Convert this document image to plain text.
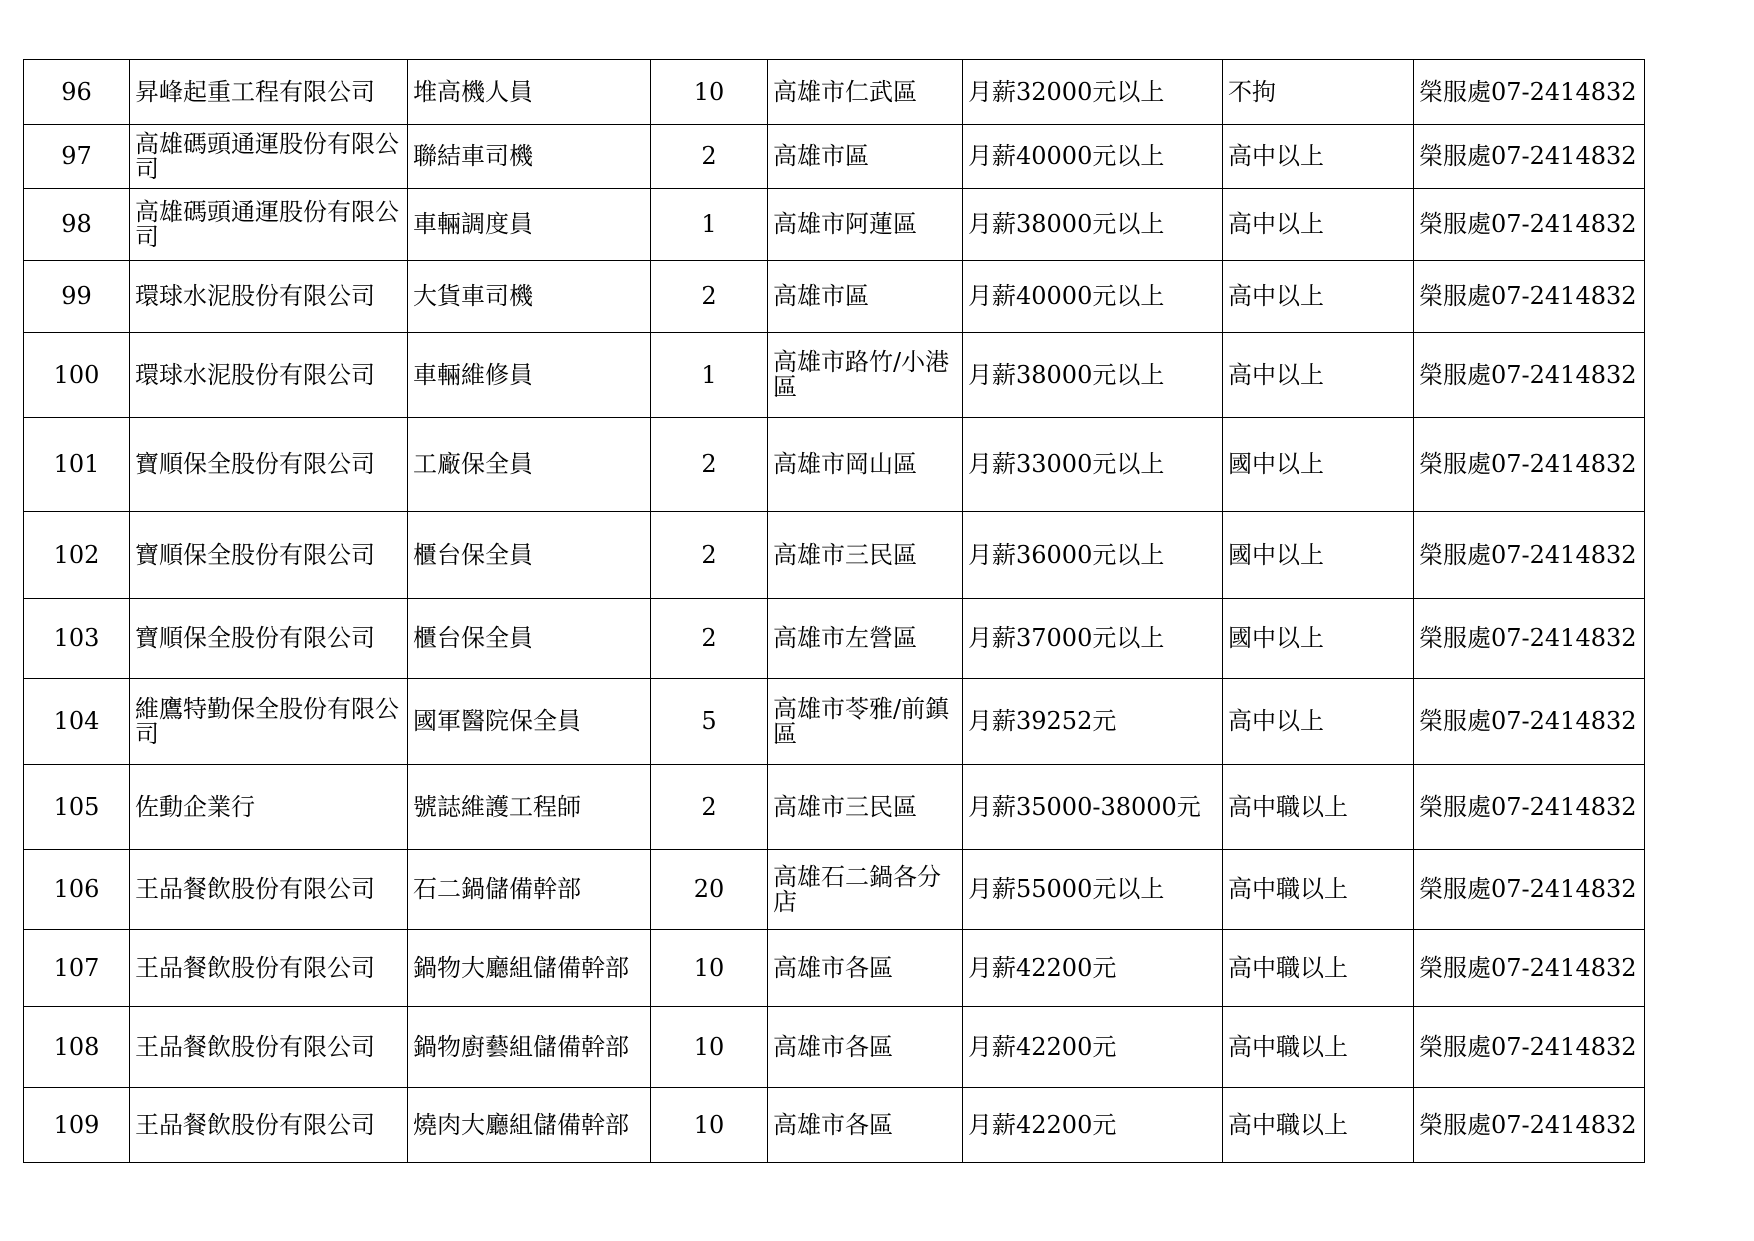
96	昇峰起重工程有限公司	堆高機人員	10	高雄市仁武區	月薪32000元以上	不拘	榮服處07-2414832
97	高雄碼頭通運股份有限公司	聯結車司機	2	高雄市區	月薪40000元以上	高中以上	榮服處07-2414832
98	高雄碼頭通運股份有限公司	車輛調度員	1	高雄市阿蓮區	月薪38000元以上	高中以上	榮服處07-2414832
99	環球水泥股份有限公司	大貨車司機	2	高雄市區	月薪40000元以上	高中以上	榮服處07-2414832
100	環球水泥股份有限公司	車輛維修員	1	高雄市路竹/小港區	月薪38000元以上	高中以上	榮服處07-2414832
101	寶順保全股份有限公司	工廠保全員	2	高雄市岡山區	月薪33000元以上	國中以上	榮服處07-2414832
102	寶順保全股份有限公司	櫃台保全員	2	高雄市三民區	月薪36000元以上	國中以上	榮服處07-2414832
103	寶順保全股份有限公司	櫃台保全員	2	高雄市左營區	月薪37000元以上	國中以上	榮服處07-2414832
104	維鷹特勤保全股份有限公司	國軍醫院保全員	5	高雄市苓雅/前鎮區	月薪39252元	高中以上	榮服處07-2414832
105	佐動企業行	號誌維護工程師	2	高雄市三民區	月薪35000-38000元	高中職以上	榮服處07-2414832
106	王品餐飲股份有限公司	石二鍋儲備幹部	20	高雄石二鍋各分店	月薪55000元以上	高中職以上	榮服處07-2414832
107	王品餐飲股份有限公司	鍋物大廳組儲備幹部	10	高雄市各區	月薪42200元	高中職以上	榮服處07-2414832
108	王品餐飲股份有限公司	鍋物廚藝組儲備幹部	10	高雄市各區	月薪42200元	高中職以上	榮服處07-2414832
109	王品餐飲股份有限公司	燒肉大廳組儲備幹部	10	高雄市各區	月薪42200元	高中職以上	榮服處07-2414832
